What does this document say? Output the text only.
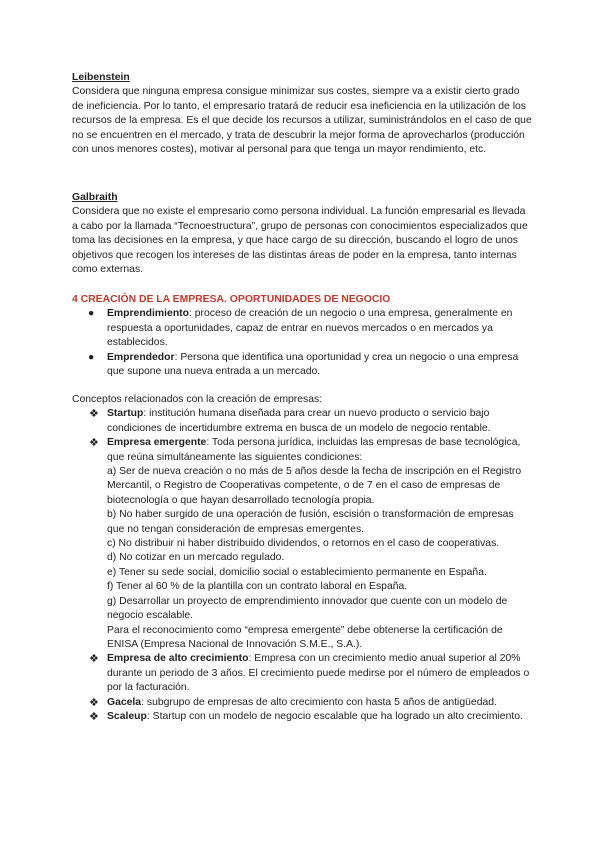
Leibenstein

Considera que ninguna empresa consigue minimizar sus costes, siempre va a existir cierto grado de ineficiencia. Por lo tanto, el empresario tratará de reducir esa ineficiencia en la utilización de los recursos de la empresa. Es el que decide los recursos a utilizar, suministrándolos en el caso de que no se encuentren en el mercado, y trata de descubrir la mejor forma de aprovecharlos (producción con unos menores costes), motivar al personal para que tenga un mayor rendimiento, etc.

Galbraith

Considera que no existe el empresario como persona individual. La función empresarial es llevada a cabo por la llamada “Tecnoestructura”, grupo de personas con conocimientos especializados que toma las decisiones en la empresa, y que hace cargo de su dirección, buscando el logro de unos objetivos que recogen los intereses de las distintas áreas de poder en la empresa, tanto internas como externas.

4 CREACIÓN DE LA EMPRESA. OPORTUNIDADES DE NEGOCIO
● Emprendimiento: proceso de creación de un negocio o una empresa, generalmente en respuesta a oportunidades, capaz de entrar en nuevos mercados o en mercados ya establecidos.
● Emprendedor: Persona que identifica una oportunidad y crea un negocio o una empresa que supone una nueva entrada a un mercado.

Conceptos relacionados con la creación de empresas:

❖ Startup: institución humana diseñada para crear un nuevo producto o servicio bajo condiciones de incertidumbre extrema en busca de un modelo de negocio rentable.
❖ Empresa emergente: Toda persona jurídica, incluidas las empresas de base tecnológica, que reúna simultáneamente las siguientes condiciones:
a) Ser de nueva creación o no más de 5 años desde la fecha de inscripción en el Registro Mercantil, o Registro de Cooperativas competente, o de 7 en el caso de empresas de biotecnología o que hayan desarrollado tecnología propia.
b) No haber surgido de una operación de fusión, escisión o transformación de empresas que no tengan consideración de empresas emergentes.
c) No distribuir ni haber distribuido dividendos, o retornos en el caso de cooperativas.
d) No cotizar en un mercado regulado.
e) Tener su sede social, domicilio social o establecimiento permanente en España.
f) Tener al 60 % de la plantilla con un contrato laboral en España.
g) Desarrollar un proyecto de emprendimiento innovador que cuente con un modelo de negocio escalable.
Para el reconocimiento como “empresa emergente” debe obtenerse la certificación de ENISA (Empresa Nacional de Innovación S.M.E., S.A.).
❖ Empresa de alto crecimiento: Empresa con un crecimiento medio anual superior al 20% durante un periodo de 3 años. El crecimiento puede medirse por el número de empleados o por la facturación.
❖ Gacela: subgrupo de empresas de alto crecimiento con hasta 5 años de antigüedad.
❖ Scaleup: Startup con un modelo de negocio escalable que ha logrado un alto crecimiento.
